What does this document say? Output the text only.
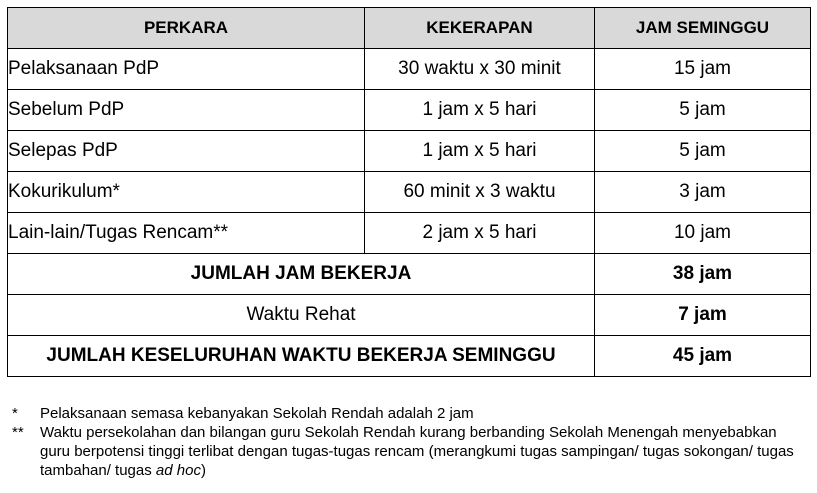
PERKARA	KEKERAPAN	JAM SEMINGGU
Pelaksanaan PdP	30 waktu x 30 minit	15 jam
Sebelum PdP	1 jam x 5 hari	5 jam
Selepas PdP	1 jam x 5 hari	5 jam
Kokurikulum*	60 minit x 3 waktu	3 jam
Lain-lain/Tugas Rencam**	2 jam x 5 hari	10 jam
JUMLAH JAM BEKERJA		38 jam
Waktu Rehat		7 jam
JUMLAH KESELURUHAN WAKTU BEKERJA SEMINGGU		45 jam
*	Pelaksanaan semasa kebanyakan Sekolah Rendah adalah 2 jam
**	Waktu persekolahan dan bilangan guru Sekolah Rendah kurang berbanding Sekolah Menengah menyebabkan guru berpotensi tinggi terlibat dengan tugas-tugas rencam (merangkumi tugas sampingan/ tugas sokongan/ tugas tambahan/ tugas ad hoc)
